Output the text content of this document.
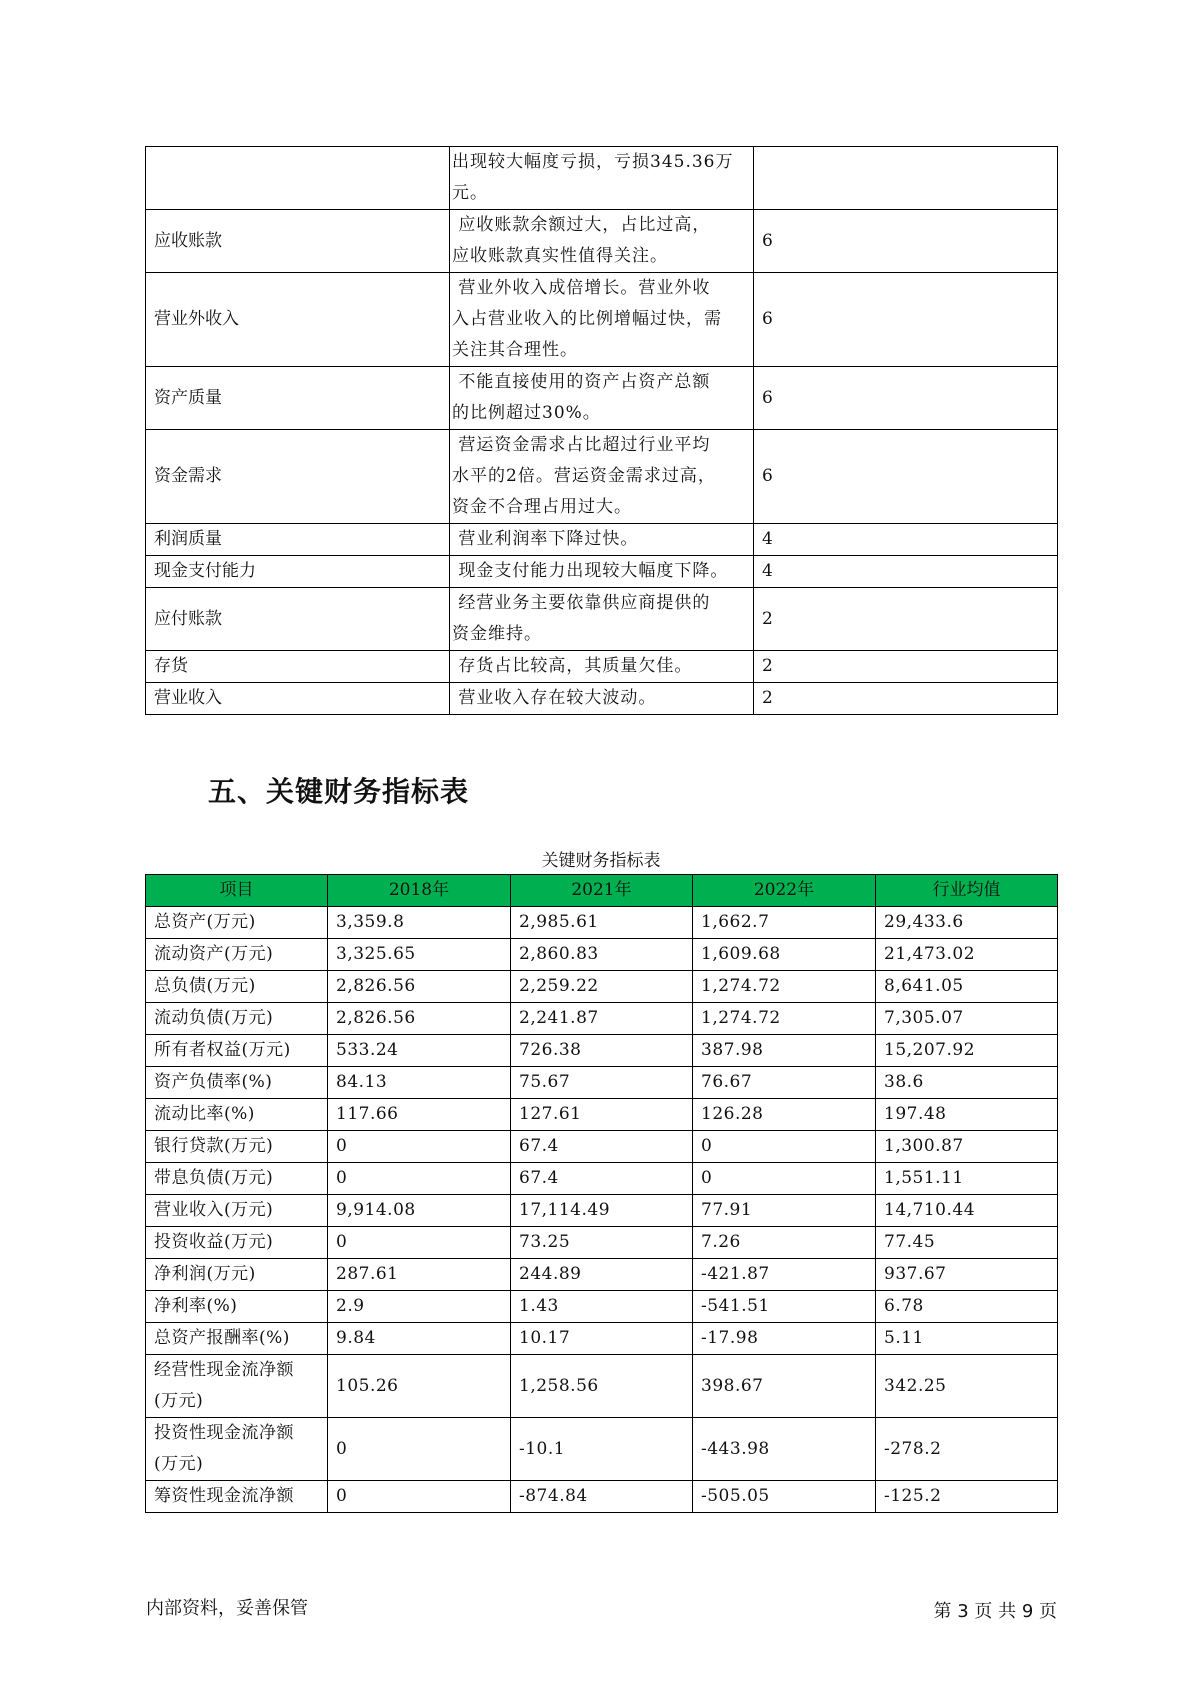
	出现较大幅度亏损，亏损345.36万
元。	

应收账款	应收账款余额过大，占比过高，
应收账款真实性值得关注。	6
营业外收入	营业外收入成倍增长。营业外收
入占营业收入的比例增幅过快，需
关注其合理性。	6
资产质量	不能直接使用的资产占资产总额
的比例超过30%。	6
资金需求	营运资金需求占比超过行业平均
水平的2倍。营运资金需求过高，
资金不合理占用过大。	6
利润质量	营业利润率下降过快。	4
现金支付能力	现金支付能力出现较大幅度下降。	4
应付账款	经营业务主要依靠供应商提供的
资金维持。	2
存货	存货占比较高，其质量欠佳。	2
营业收入	营业收入存在较大波动。	2
五、关键财务指标表
关键财务指标表
项目	2018年	2021年	2022年	行业均值

总资产(万元)	3,359.8	2,985.61	1,662.7	29,433.6

流动资产(万元)	3,325.65	2,860.83	1,609.68	21,473.02

总负债(万元)	2,826.56	2,259.22	1,274.72	8,641.05

流动负债(万元)	2,826.56	2,241.87	1,274.72	7,305.07

所有者权益(万元)	533.24	726.38	387.98	15,207.92

资产负债率(%)	84.13	75.67	76.67	38.6

流动比率(%)	117.66	127.61	126.28	197.48

银行贷款(万元)	0	67.4	0	1,300.87

带息负债(万元)	0	67.4	0	1,551.11

营业收入(万元)	9,914.08	17,114.49	77.91	14,710.44

投资收益(万元)	0	73.25	7.26	77.45

净利润(万元)	287.61	244.89	-421.87	937.67

净利率(%)	2.9	1.43	-541.51	6.78

总资产报酬率(%)	9.84	10.17	-17.98	5.11

经营性现金流净额
(万元)	105.26	1,258.56	398.67	342.25

投资性现金流净额
(万元)	0	-10.1	-443.98	-278.2

筹资性现金流净额	0	-874.84	-505.05	-125.2
内部资料，妥善保管	第 3 页 共 9 页
